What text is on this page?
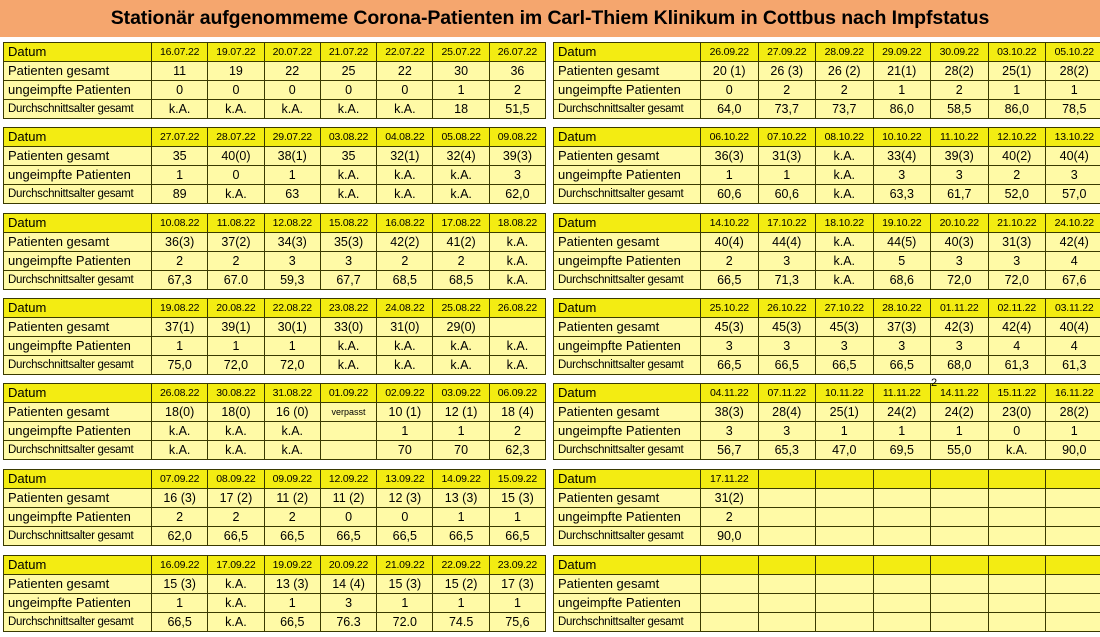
Stationär aufgenommeme Corona-Patienten im Carl-Thiem Klinikum in Cottbus nach Impfstatus
Datum	16.07.22	19.07.22	20.07.22	21.07.22	22.07.22	25.07.22	26.07.22
Patienten gesamt	11	19	22	25	22	30	36
ungeimpfte Patienten	0	0	0	0	0	1	2
Durchschnittsalter gesamt	k.A.	k.A.	k.A.	k.A.	k.A.	18	51,5
Datum	27.07.22	28.07.22	29.07.22	03.08.22	04.08.22	05.08.22	09.08.22
Patienten gesamt	35	40(0)	38(1)	35	32(1)	32(4)	39(3)
ungeimpfte Patienten	1	0	1	k.A.	k.A.	k.A.	3
Durchschnittsalter gesamt	89	k.A.	63	k.A.	k.A.	k.A.	62,0
Datum	10.08.22	11.08.22	12.08.22	15.08.22	16.08.22	17.08.22	18.08.22
Patienten gesamt	36(3)	37(2)	34(3)	35(3)	42(2)	41(2)	k.A.
ungeimpfte Patienten	2	2	3	3	2	2	k.A.
Durchschnittsalter gesamt	67,3	67.0	59,3	67,7	68,5	68,5	k.A.
Datum	19.08.22	20.08.22	22.08.22	23.08.22	24.08.22	25.08.22	26.08.22
Patienten gesamt	37(1)	39(1)	30(1)	33(0)	31(0)	29(0)	
ungeimpfte Patienten	1	1	1	k.A.	k.A.	k.A.	k.A.
Durchschnittsalter gesamt	75,0	72,0	72,0	k.A.	k.A.	k.A.	k.A.
Datum	26.08.22	30.08.22	31.08.22	01.09.22	02.09.22	03.09.22	06.09.22
Patienten gesamt	18(0)	18(0)	16 (0)	verpasst	10 (1)	12 (1)	18 (4)
ungeimpfte Patienten	k.A.	k.A.	k.A.		1	1	2
Durchschnittsalter gesamt	k.A.	k.A.	k.A.		70	70	62,3
Datum	07.09.22	08.09.22	09.09.22	12.09.22	13.09.22	14.09.22	15.09.22
Patienten gesamt	16 (3)	17 (2)	11 (2)	11 (2)	12 (3)	13 (3)	15 (3)
ungeimpfte Patienten	2	2	2	0	0	1	1
Durchschnittsalter gesamt	62,0	66,5	66,5	66,5	66,5	66,5	66,5
Datum	16.09.22	17.09.22	19.09.22	20.09.22	21.09.22	22.09.22	23.09.22
Patienten gesamt	15 (3)	k.A.	13 (3)	14 (4)	15 (3)	15 (2)	17 (3)
ungeimpfte Patienten	1	k.A.	1	3	1	1	1
Durchschnittsalter gesamt	66,5	k.A.	66,5	76.3	72.0	74.5	75,6
Datum	26.09.22	27.09.22	28.09.22	29.09.22	30.09.22	03.10.22	05.10.22
Patienten gesamt	20 (1)	26 (3)	26 (2)	21(1)	28(2)	25(1)	28(2)
ungeimpfte Patienten	0	2	2	1	2	1	1
Durchschnittsalter gesamt	64,0	73,7	73,7	86,0	58,5	86,0	78,5
Datum	06.10.22	07.10.22	08.10.22	10.10.22	11.10.22	12.10.22	13.10.22
Patienten gesamt	36(3)	31(3)	k.A.	33(4)	39(3)	40(2)	40(4)
ungeimpfte Patienten	1	1	k.A.	3	3	2	3
Durchschnittsalter gesamt	60,6	60,6	k.A.	63,3	61,7	52,0	57,0
Datum	14.10.22	17.10.22	18.10.22	19.10.22	20.10.22	21.10.22	24.10.22
Patienten gesamt	40(4)	44(4)	k.A.	44(5)	40(3)	31(3)	42(4)
ungeimpfte Patienten	2	3	k.A.	5	3	3	4
Durchschnittsalter gesamt	66,5	71,3	k.A.	68,6	72,0	72,0	67,6
Datum	25.10.22	26.10.22	27.10.22	28.10.22	01.11.22	02.11.22	03.11.22
Patienten gesamt	45(3)	45(3)	45(3)	37(3)	42(3)	42(4)	40(4)
ungeimpfte Patienten	3	3	3	3	3	4	4
Durchschnittsalter gesamt	66,5	66,5	66,5	66,5	68,0	61,3	61,3
Datum	04.11.22	07.11.22	10.11.22	11.11.22	14.11.22	15.11.22	16.11.22
Patienten gesamt	38(3)	28(4)	25(1)	24(2)	24(2)	23(0)	28(2)
ungeimpfte Patienten	3	3	1	1	1	0	1
Durchschnittsalter gesamt	56,7	65,3	47,0	69,5	55,0	k.A.	90,0
Datum	17.11.22						
Patienten gesamt	31(2)						
ungeimpfte Patienten	2						
Durchschnittsalter gesamt	90,0						
Datum							
Patienten gesamt							
ungeimpfte Patienten							
Durchschnittsalter gesamt							
2
